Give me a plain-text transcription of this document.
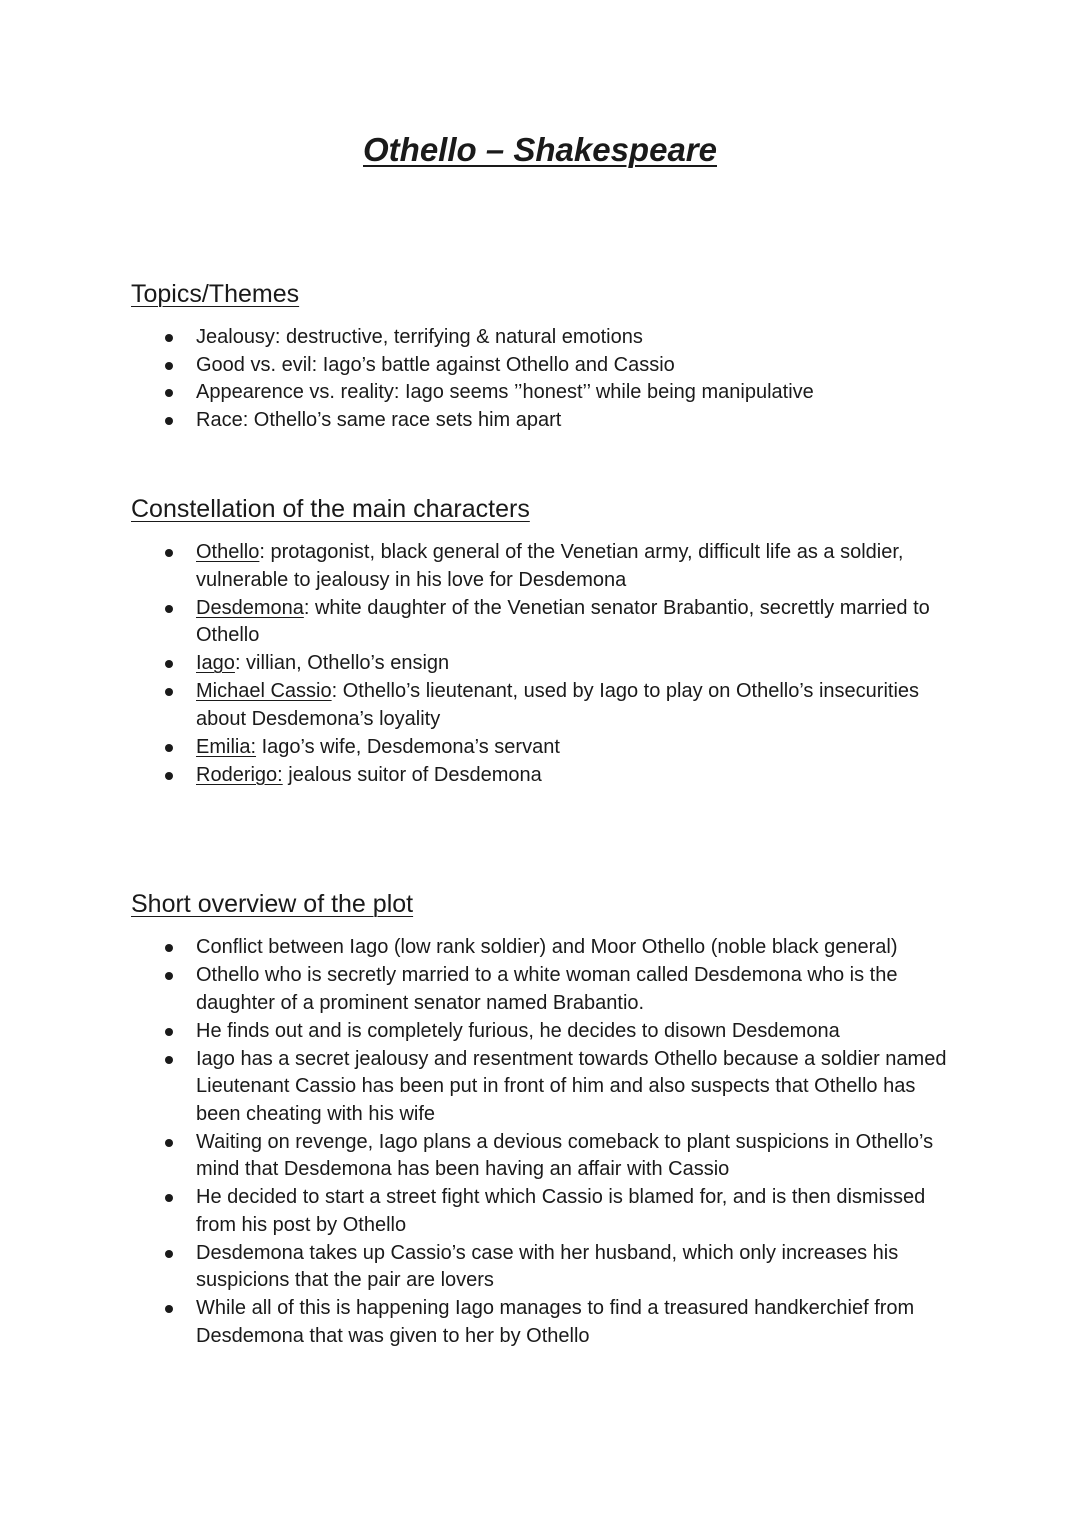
Othello – Shakespeare
Topics/Themes
Jealousy: destructive, terrifying & natural emotions
Good vs. evil: Iago’s battle against Othello and Cassio
Appearence vs. reality: Iago seems ’’honest’’ while being manipulative
Race: Othello’s same race sets him apart
Constellation of the main characters
Othello: protagonist, black general of the Venetian army, difficult life as a soldier, vulnerable to jealousy in his love for Desdemona
Desdemona: white daughter of the Venetian senator Brabantio, secrettly married to Othello
Iago: villian, Othello’s ensign
Michael Cassio: Othello’s lieutenant, used by Iago to play on Othello’s insecurities about Desdemona’s loyality
Emilia: Iago’s wife, Desdemona’s servant
Roderigo: jealous suitor of Desdemona
Short overview of the plot
Conflict between Iago (low rank soldier) and Moor Othello (noble black general)
Othello who is secretly married to a white woman called Desdemona who is the daughter of a prominent senator named Brabantio.
He finds out and is completely furious, he decides to disown Desdemona
Iago has a secret jealousy and resentment towards Othello because a soldier named Lieutenant Cassio has been put in front of him and also suspects that Othello has been cheating with his wife
Waiting on revenge, Iago plans a devious comeback to plant suspicions in Othello’s mind that Desdemona has been having an affair with Cassio
He decided to start a street fight which Cassio is blamed for, and is then dismissed from his post by Othello
Desdemona takes up Cassio’s case with her husband, which only increases his suspicions that the pair are lovers
While all of this is happening Iago manages to find a treasured handkerchief from Desdemona that was given to her by Othello
